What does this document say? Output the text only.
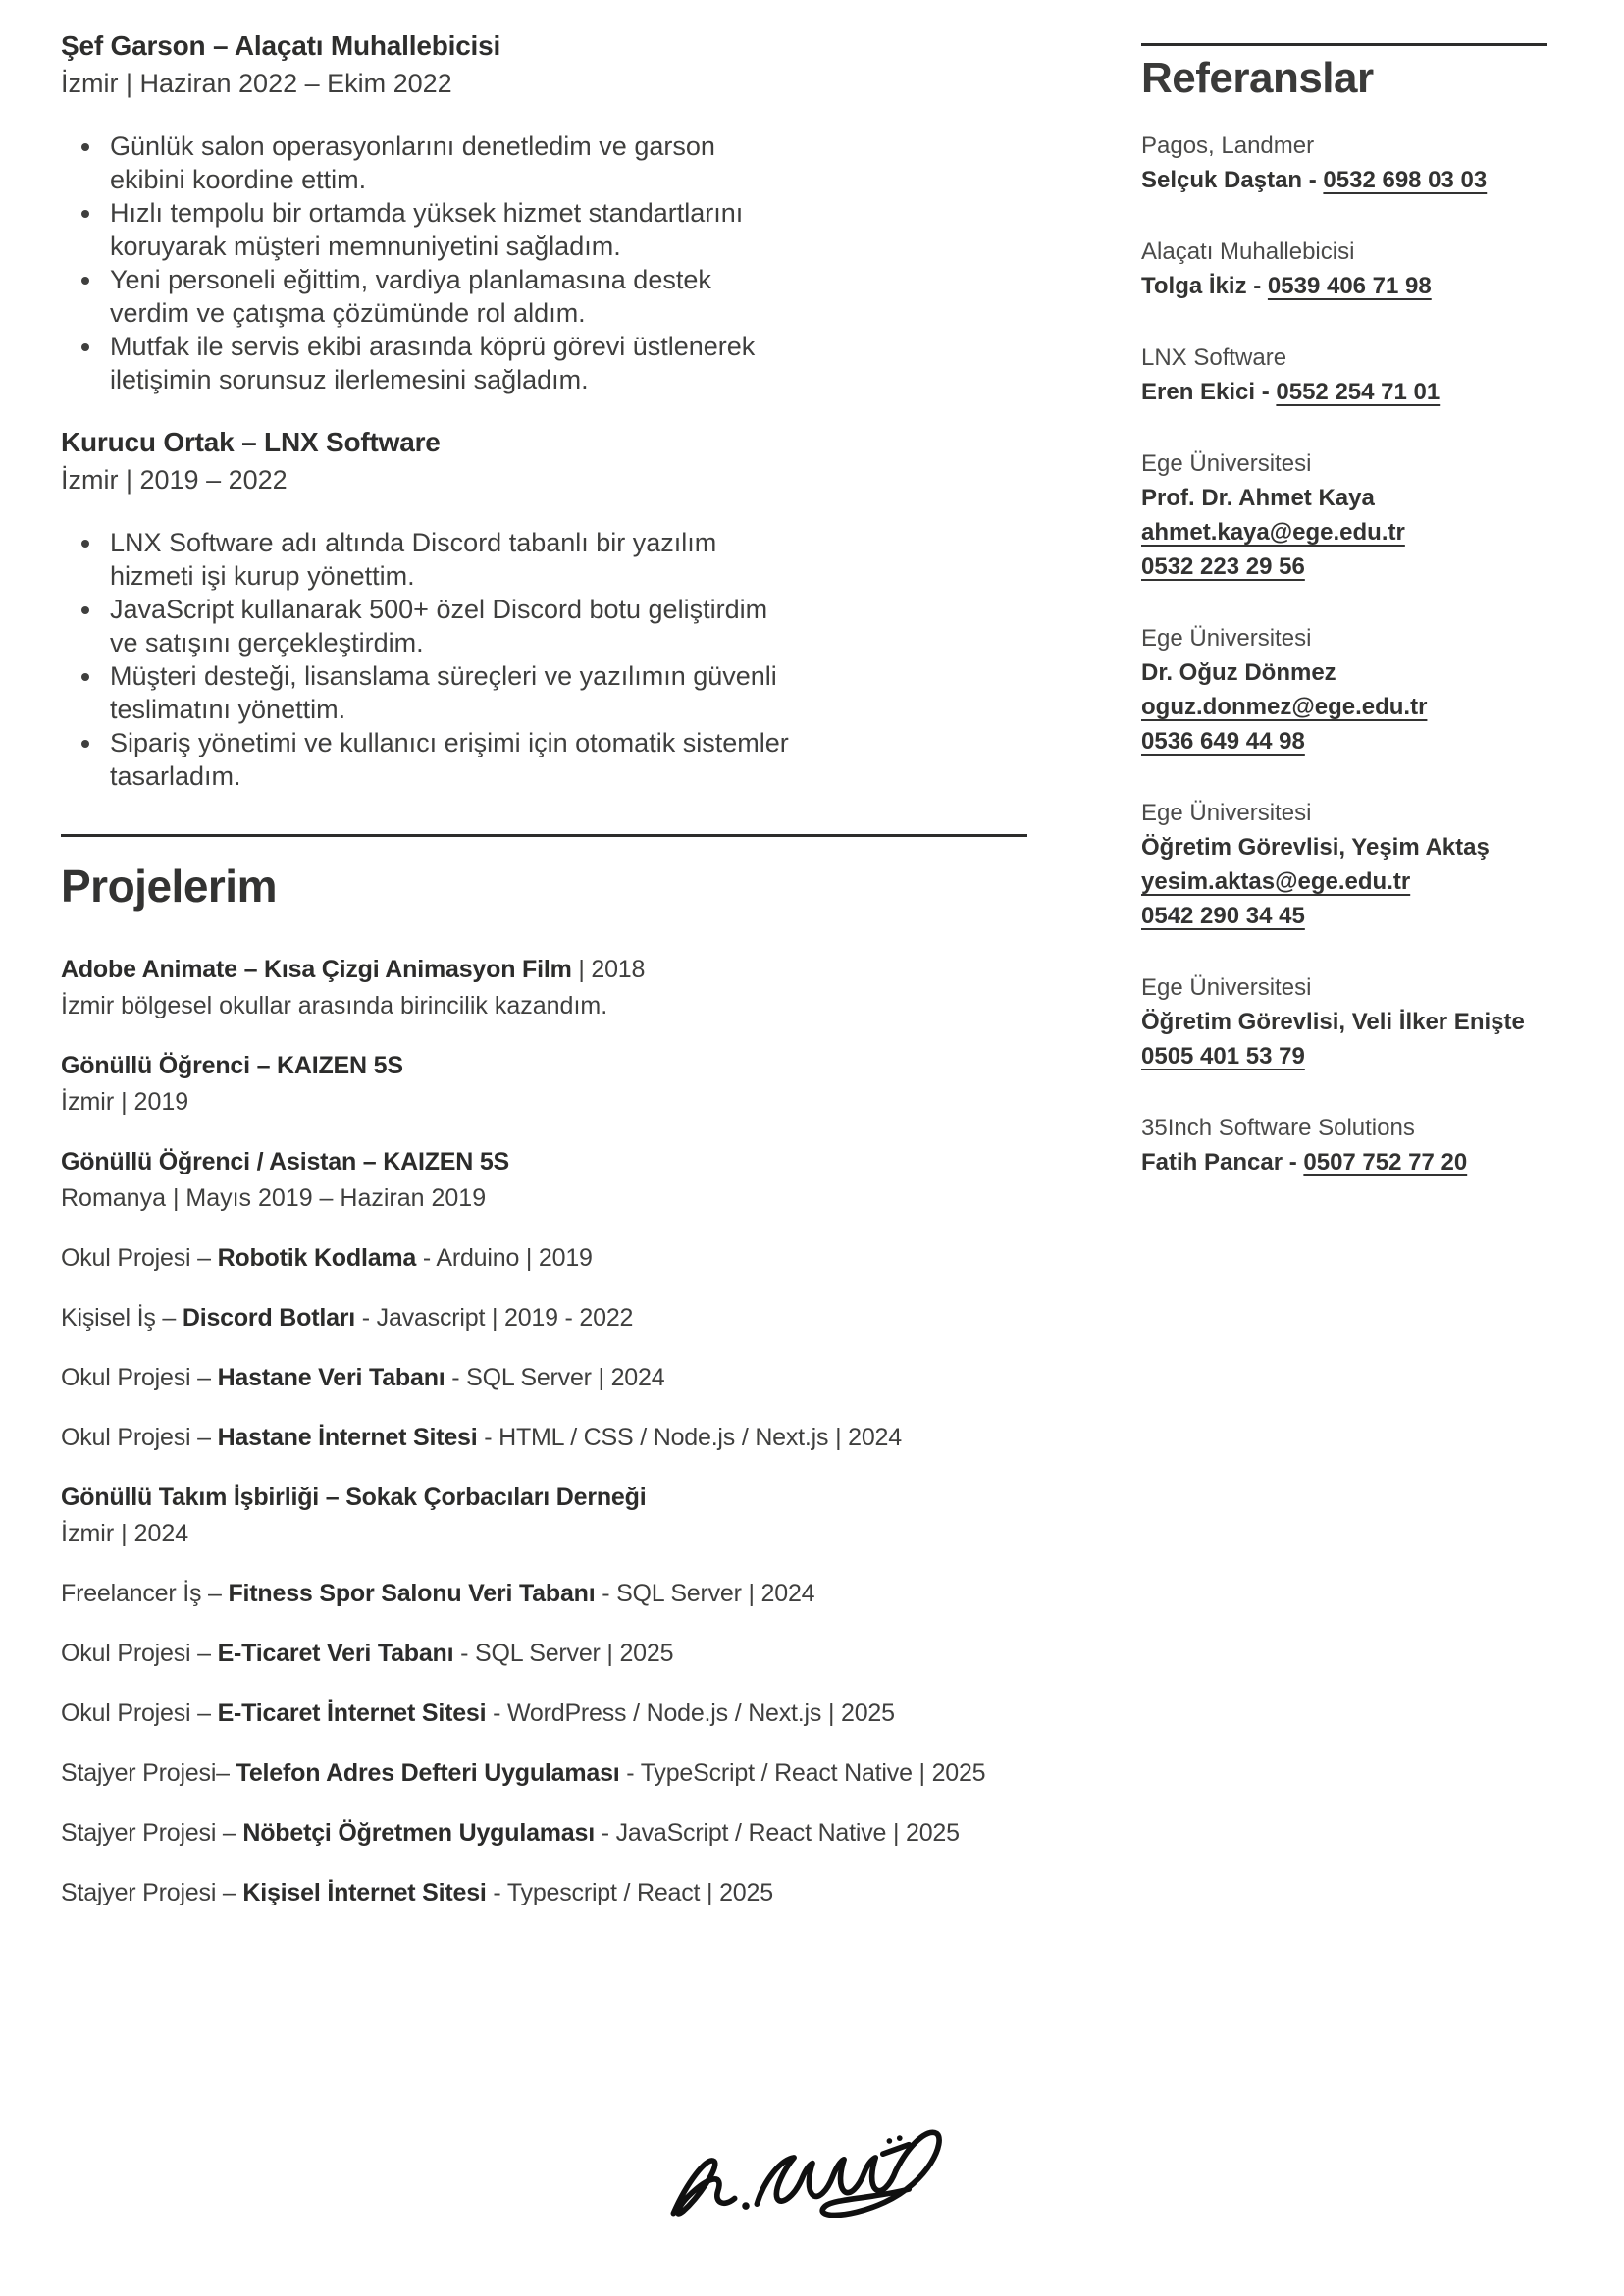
Şef Garson – Alaçatı Muhallebicisi

İzmir | Haziran 2022 – Ekim 2022

• Günlük salon operasyonlarını denetledim ve garson ekibini koordine ettim.
• Hızlı tempolu bir ortamda yüksek hizmet standartlarını koruyarak müşteri memnuniyetini sağladım.
• Yeni personeli eğittim, vardiya planlamasına destek verdim ve çatışma çözümünde rol aldım.
• Mutfak ile servis ekibi arasında köprü görevi üstlenerek iletişimin sorunsuz ilerlemesini sağladım.
Kurucu Ortak – LNX Software

İzmir | 2019 – 2022

• LNX Software adı altında Discord tabanlı bir yazılım hizmeti işi kurup yönettim.
• JavaScript kullanarak 500+ özel Discord botu geliştirdim ve satışını gerçekleştirdim.
• Müşteri desteği, lisanslama süreçleri ve yazılımın güvenli teslimatını yönettim.
• Sipariş yönetimi ve kullanıcı erişimi için otomatik sistemler tasarladım.
Projelerim

Adobe Animate – Kısa Çizgi Animasyon Film | 2018

İzmir bölgesel okullar arasında birincilik kazandım.

Gönüllü Öğrenci – KAIZEN 5S

İzmir | 2019

Gönüllü Öğrenci / Asistan – KAIZEN 5S

Romanya | Mayıs 2019 – Haziran 2019

Okul Projesi – Robotik Kodlama - Arduino | 2019

Kişisel İş – Discord Botları - Javascript | 2019 - 2022

Okul Projesi – Hastane Veri Tabanı - SQL Server | 2024

Okul Projesi – Hastane İnternet Sitesi - HTML / CSS / Node.js / Next.js | 2024

Gönüllü Takım İşbirliği – Sokak Çorbacıları Derneği

İzmir | 2024

Freelancer İş – Fitness Spor Salonu Veri Tabanı - SQL Server | 2024

Okul Projesi – E-Ticaret Veri Tabanı - SQL Server | 2025

Okul Projesi – E-Ticaret İnternet Sitesi - WordPress / Node.js / Next.js | 2025

Stajyer Projesi– Telefon Adres Defteri Uygulaması - TypeScript / React Native | 2025

Stajyer Projesi – Nöbetçi Öğretmen Uygulaması - JavaScript / React Native | 2025

Stajyer Projesi – Kişisel İnternet Sitesi - Typescript / React | 2025

Referanslar

Pagos, Landmer

Selçuk Daştan - 0532 698 03 03

Alaçatı Muhallebicisi

Tolga İkiz - 0539 406 71 98

LNX Software

Eren Ekici - 0552 254 71 01

Ege Üniversitesi

Prof. Dr. Ahmet Kaya

ahmet.kaya@ege.edu.tr

0532 223 29 56

Ege Üniversitesi

Dr. Oğuz Dönmez

oguz.donmez@ege.edu.tr

0536 649 44 98

Ege Üniversitesi

Öğretim Görevlisi, Yeşim Aktaş

yesim.aktas@ege.edu.tr

0542 290 34 45

Ege Üniversitesi

Öğretim Görevlisi, Veli İlker Enişte

0505 401 53 79

35Inch Software Solutions

Fatih Pancar - 0507 752 77 20
